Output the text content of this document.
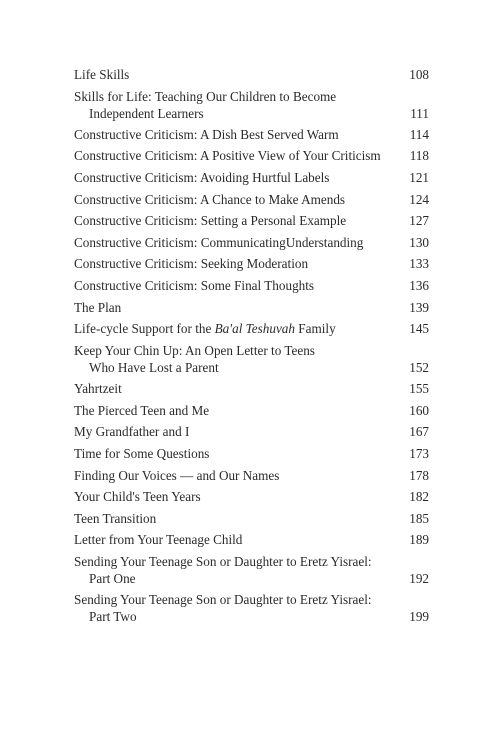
Life Skills	108
Skills for Life: Teaching Our Children to Become
Independent Learners	111
Constructive Criticism: A Dish Best Served Warm	114
Constructive Criticism: A Positive View of Your Criticism	118
Constructive Criticism: Avoiding Hurtful Labels	121
Constructive Criticism: A Chance to Make Amends	124
Constructive Criticism: Setting a Personal Example	127
Constructive Criticism: CommunicatingUnderstanding	130
Constructive Criticism: Seeking Moderation	133
Constructive Criticism: Some Final Thoughts	136
The Plan	139
Life-cycle Support for the Ba'al Teshuvah Family	145
Keep Your Chin Up: An Open Letter to Teens
Who Have Lost a Parent	152
Yahrtzeit	155
The Pierced Teen and Me	160
My Grandfather and I	167
Time for Some Questions	173
Finding Our Voices — and Our Names	178
Your Child's Teen Years	182
Teen Transition	185
Letter from Your Teenage Child	189
Sending Your Teenage Son or Daughter to Eretz Yisrael:
Part One	192
Sending Your Teenage Son or Daughter to Eretz Yisrael:
Part Two	199
